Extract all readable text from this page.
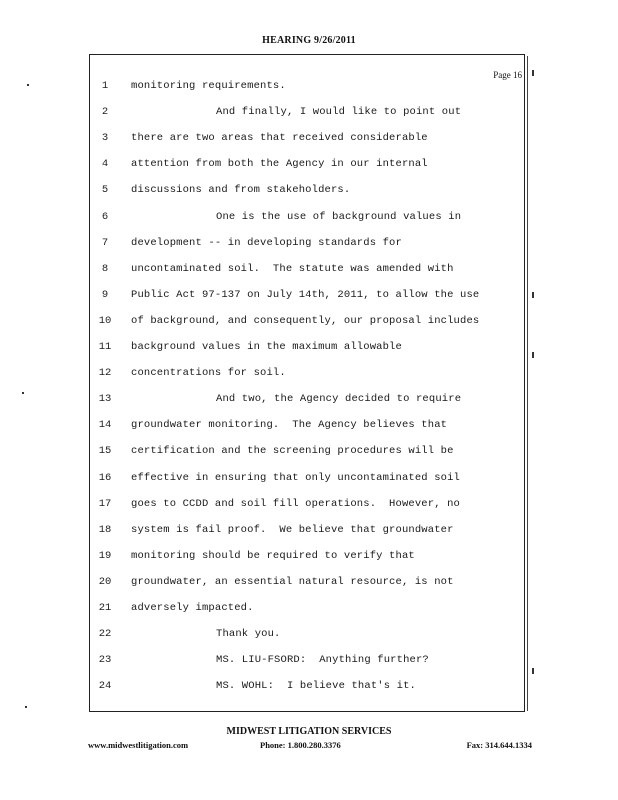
HEARING 9/26/2011
Page 16
1	monitoring requirements.
2	And finally, I would like to point out
3	there are two areas that received considerable
4	attention from both the Agency in our internal
5	discussions and from stakeholders.
6	One is the use of background values in
7	development -- in developing standards for
8	uncontaminated soil.  The statute was amended with
9	Public Act 97-137 on July 14th, 2011, to allow the use
10	of background, and consequently, our proposal includes
11	background values in the maximum allowable
12	concentrations for soil.
13	And two, the Agency decided to require
14	groundwater monitoring.  The Agency believes that
15	certification and the screening procedures will be
16	effective in ensuring that only uncontaminated soil
17	goes to CCDD and soil fill operations.  However, no
18	system is fail proof.  We believe that groundwater
19	monitoring should be required to verify that
20	groundwater, an essential natural resource, is not
21	adversely impacted.
22	Thank you.
23	MS. LIU-FSORD:  Anything further?
24	MS. WOHL:  I believe that's it.
MIDWEST LITIGATION SERVICES
www.midwestlitigation.com	Phone: 1.800.280.3376	Fax: 314.644.1334
